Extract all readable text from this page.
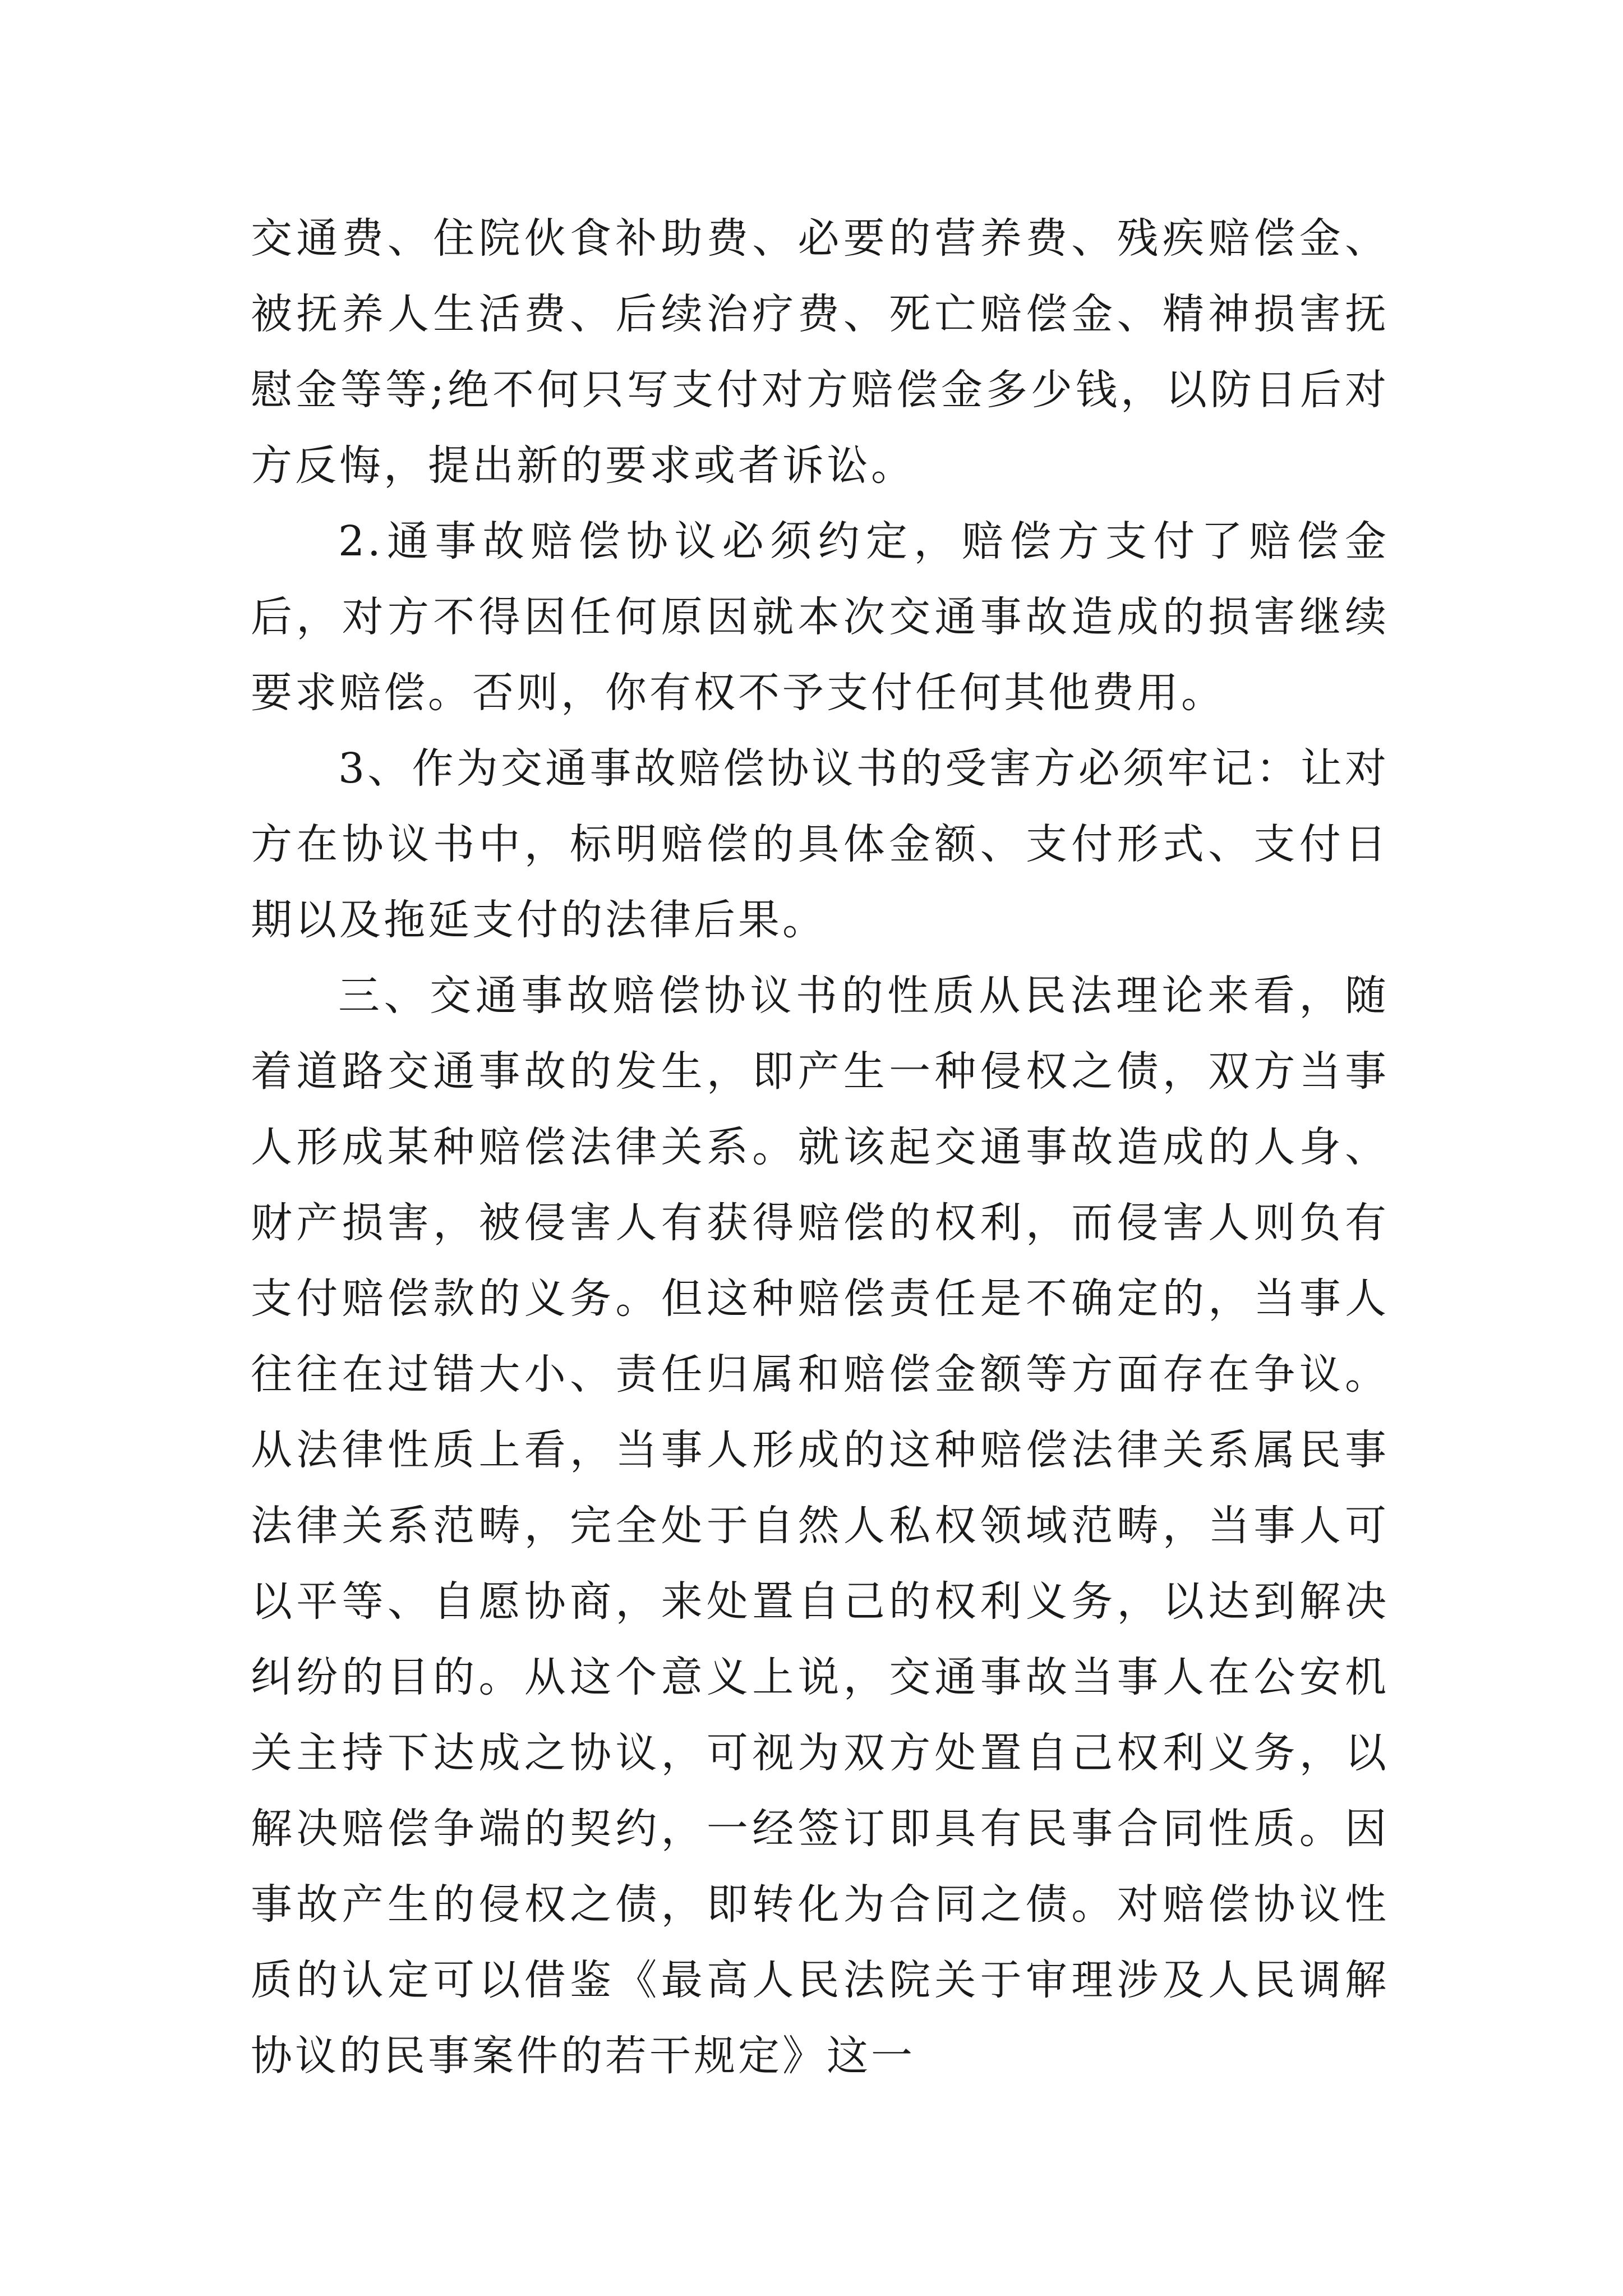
交通费、住院伙食补助费、必要的营养费、残疾赔偿金、被抚养人生活费、后续治疗费、死亡赔偿金、精神损害抚慰金等等;绝不何只写支付对方赔偿金多少钱，以防日后对方反悔，提出新的要求或者诉讼。

2.通事故赔偿协议必须约定，赔偿方支付了赔偿金后，对方不得因任何原因就本次交通事故造成的损害继续要求赔偿。否则，你有权不予支付任何其他费用。

3、作为交通事故赔偿协议书的受害方必须牢记：让对方在协议书中，标明赔偿的具体金额、支付形式、支付日期以及拖延支付的法律后果。

三、交通事故赔偿协议书的性质从民法理论来看，随着道路交通事故的发生，即产生一种侵权之债，双方当事人形成某种赔偿法律关系。就该起交通事故造成的人身、财产损害，被侵害人有获得赔偿的权利，而侵害人则负有支付赔偿款的义务。但这种赔偿责任是不确定的，当事人往往在过错大小、责任归属和赔偿金额等方面存在争议。从法律性质上看，当事人形成的这种赔偿法律关系属民事法律关系范畴，完全处于自然人私权领域范畴，当事人可以平等、自愿协商，来处置自己的权利义务，以达到解决纠纷的目的。从这个意义上说，交通事故当事人在公安机关主持下达成之协议，可视为双方处置自己权利义务，以解决赔偿争端的契约，一经签订即具有民事合同性质。因事故产生的侵权之债，即转化为合同之债。对赔偿协议性质的认定可以借鉴《最高人民法院关于审理涉及人民调解协议的民事案件的若干规定》这一
